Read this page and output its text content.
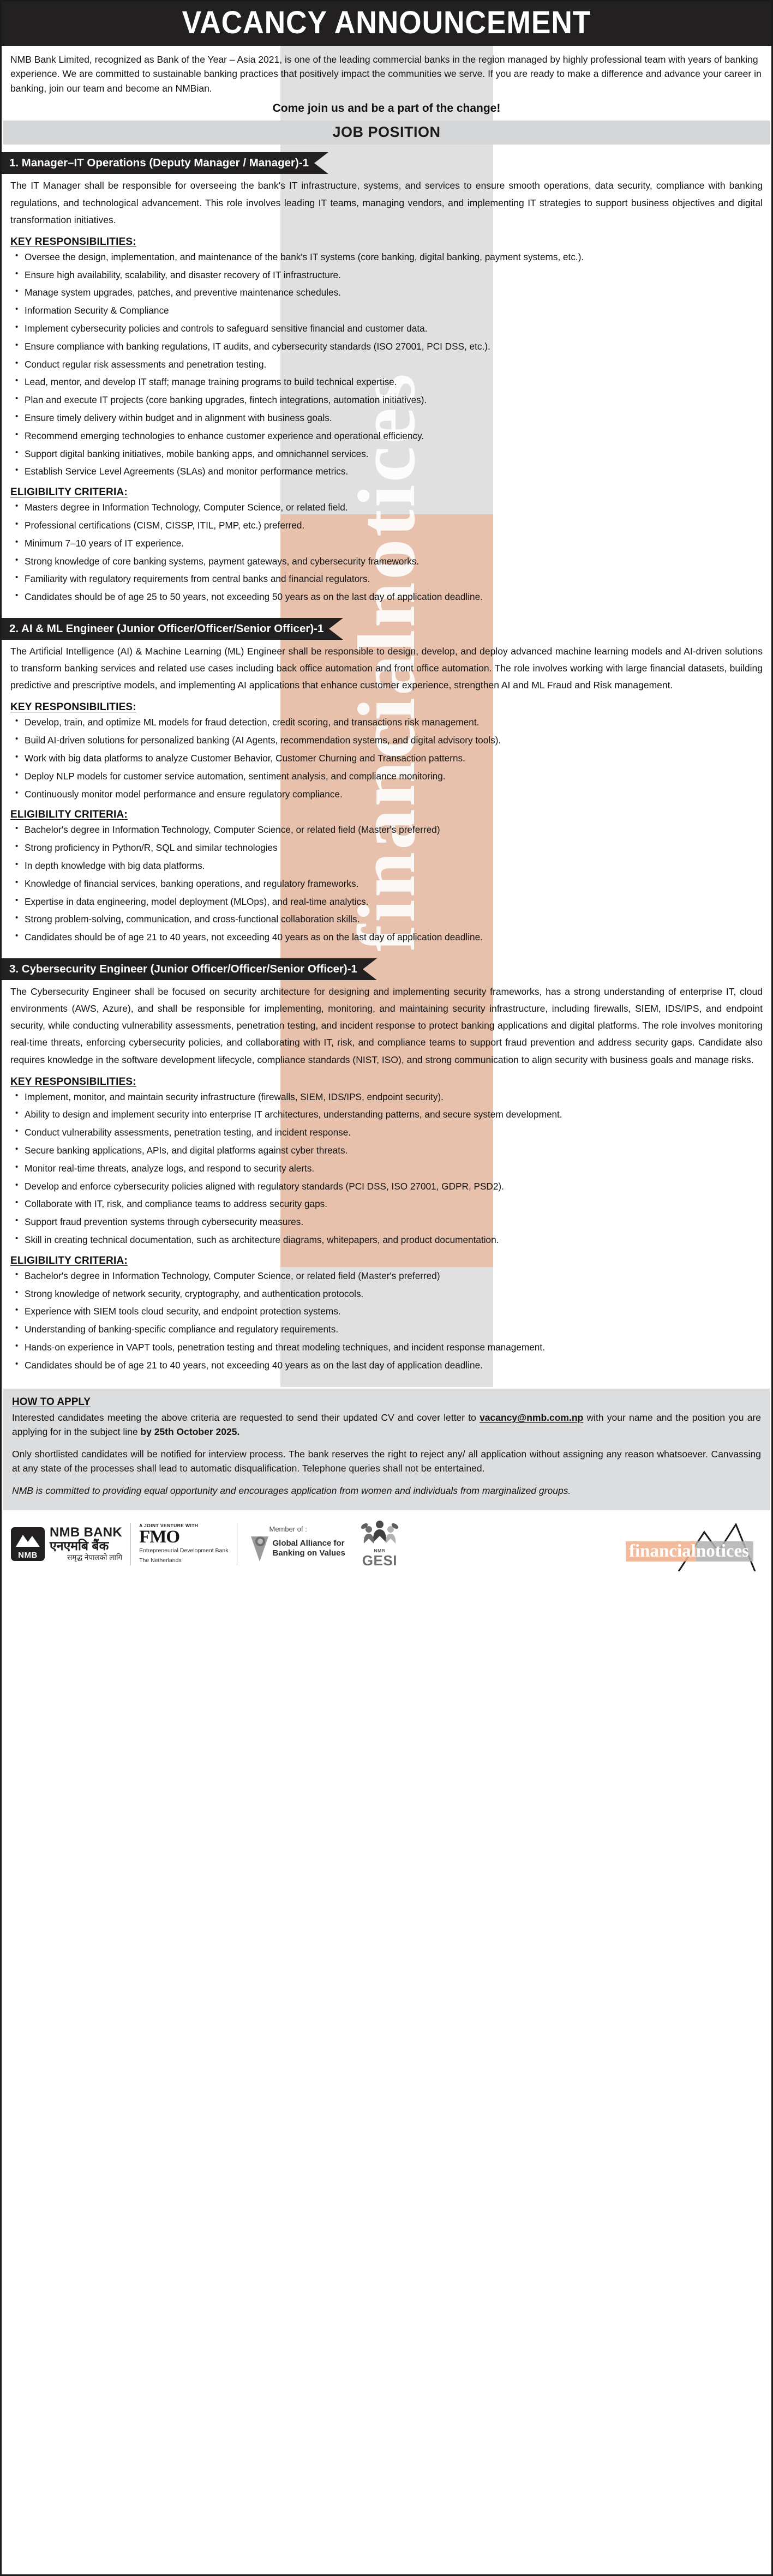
financialnotices
VACANCY ANNOUNCEMENT

NMB Bank Limited, recognized as Bank of the Year – Asia 2021, is one of the leading commercial banks in the region managed by highly professional team with years of banking experience. We are committed to sustainable banking practices that positively impact the communities we serve. If you are ready to make a difference and advance your career in banking, join our team and become an NMBian.

Come join us and be a part of the change!
JOB POSITION
1. Manager–IT Operations (Deputy Manager / Manager)-1

The IT Manager shall be responsible for overseeing the bank's IT infrastructure, systems, and services to ensure smooth operations, data security, compliance with banking regulations, and technological advancement. This role involves leading IT teams, managing vendors, and implementing IT strategies to support business objectives and digital transformation initiatives.

KEY RESPONSIBILITIES:
• Oversee the design, implementation, and maintenance of the bank's IT systems (core banking, digital banking, payment systems, etc.).
• Ensure high availability, scalability, and disaster recovery of IT infrastructure.
• Manage system upgrades, patches, and preventive maintenance schedules.
• Information Security & Compliance
• Implement cybersecurity policies and controls to safeguard sensitive financial and customer data.
• Ensure compliance with banking regulations, IT audits, and cybersecurity standards (ISO 27001, PCI DSS, etc.).
• Conduct regular risk assessments and penetration testing.
• Lead, mentor, and develop IT staff; manage training programs to build technical expertise.
• Plan and execute IT projects (core banking upgrades, fintech integrations, automation initiatives).
• Ensure timely delivery within budget and in alignment with business goals.
• Recommend emerging technologies to enhance customer experience and operational efficiency.
• Support digital banking initiatives, mobile banking apps, and omnichannel services.
• Establish Service Level Agreements (SLAs) and monitor performance metrics.
ELIGIBILITY CRITERIA:
• Masters degree in Information Technology, Computer Science, or related field.
• Professional certifications (CISM, CISSP, ITIL, PMP, etc.) preferred.
• Minimum 7–10 years of IT experience.
• Strong knowledge of core banking systems, payment gateways, and cybersecurity frameworks.
• Familiarity with regulatory requirements from central banks and financial regulators.
• Candidates should be of age 25 to 50 years, not exceeding 50 years as on the last day of application deadline.
2. AI & ML Engineer (Junior Officer/Officer/Senior Officer)-1

The Artificial Intelligence (AI) & Machine Learning (ML) Engineer shall be responsible to design, develop, and deploy advanced machine learning models and AI-driven solutions to transform banking services and related use cases including back office automation and front office automation. The role involves working with large financial datasets, building predictive and prescriptive models, and implementing AI applications that enhance customer experience, strengthen AI and ML Fraud and Risk management.

KEY RESPONSIBILITIES:
• Develop, train, and optimize ML models for fraud detection, credit scoring, and transactions risk management.
• Build AI-driven solutions for personalized banking (AI Agents, recommendation systems, and digital advisory tools).
• Work with big data platforms to analyze Customer Behavior, Customer Churning and Transaction patterns.
• Deploy NLP models for customer service automation, sentiment analysis, and compliance monitoring.
• Continuously monitor model performance and ensure regulatory compliance.
ELIGIBILITY CRITERIA:
• Bachelor's degree in Information Technology, Computer Science, or related field (Master's preferred)
• Strong proficiency in Python/R, SQL and similar technologies
• In depth knowledge with big data platforms.
• Knowledge of financial services, banking operations, and regulatory frameworks.
• Expertise in data engineering, model deployment (MLOps), and real-time analytics.
• Strong problem-solving, communication, and cross-functional collaboration skills.
• Candidates should be of age 21 to 40 years, not exceeding 40 years as on the last day of application deadline.
3. Cybersecurity Engineer (Junior Officer/Officer/Senior Officer)-1

The Cybersecurity Engineer shall be focused on security architecture for designing and implementing security frameworks, has a strong understanding of enterprise IT, cloud environments (AWS, Azure), and shall be responsible for implementing, monitoring, and maintaining security infrastructure, including firewalls, SIEM, IDS/IPS, and endpoint security, while conducting vulnerability assessments, penetration testing, and incident response to protect banking applications and digital platforms. The role involves monitoring real-time threats, enforcing cybersecurity policies, and collaborating with IT, risk, and compliance teams to support fraud prevention and address security gaps. Candidate also requires knowledge in the software development lifecycle, compliance standards (NIST, ISO), and strong communication to align security with business goals and manage risks.

KEY RESPONSIBILITIES:
• Implement, monitor, and maintain security infrastructure (firewalls, SIEM, IDS/IPS, endpoint security).
• Ability to design and implement security into enterprise IT architectures, understanding patterns, and secure system development.
• Conduct vulnerability assessments, penetration testing, and incident response.
• Secure banking applications, APIs, and digital platforms against cyber threats.
• Monitor real-time threats, analyze logs, and respond to security alerts.
• Develop and enforce cybersecurity policies aligned with regulatory standards (PCI DSS, ISO 27001, GDPR, PSD2).
• Collaborate with IT, risk, and compliance teams to address security gaps.
• Support fraud prevention systems through cybersecurity measures.
• Skill in creating technical documentation, such as architecture diagrams, whitepapers, and product documentation.
ELIGIBILITY CRITERIA:
• Bachelor's degree in Information Technology, Computer Science, or related field (Master's preferred)
• Strong knowledge of network security, cryptography, and authentication protocols.
• Experience with SIEM tools cloud security, and endpoint protection systems.
• Understanding of banking-specific compliance and regulatory requirements.
• Hands-on experience in VAPT tools, penetration testing and threat modeling techniques, and incident response management.
• Candidates should be of age 21 to 40 years, not exceeding 40 years as on the last day of application deadline.
HOW TO APPLY

Interested candidates meeting the above criteria are requested to send their updated CV and cover letter to vacancy@nmb.com.np with your name and the position you are applying for in the subject line by 25th October 2025.

Only shortlisted candidates will be notified for interview process. The bank reserves the right to reject any/ all application without assigning any reason whatsoever. Canvassing at any state of the processes shall lead to automatic disqualification. Telephone queries shall not be entertained.

NMB is committed to providing equal opportunity and encourages application from women and individuals from marginalized groups.

NMB
NMB BANK
एनएमबि बैंक
समृद्ध नेपालको लागि
A JOINT VENTURE WITH
FMO
Entrepreneurial Development Bank
The Netherlands
Member of :
Global Alliance for
Banking on Values	NMB
GESI	financial notices
